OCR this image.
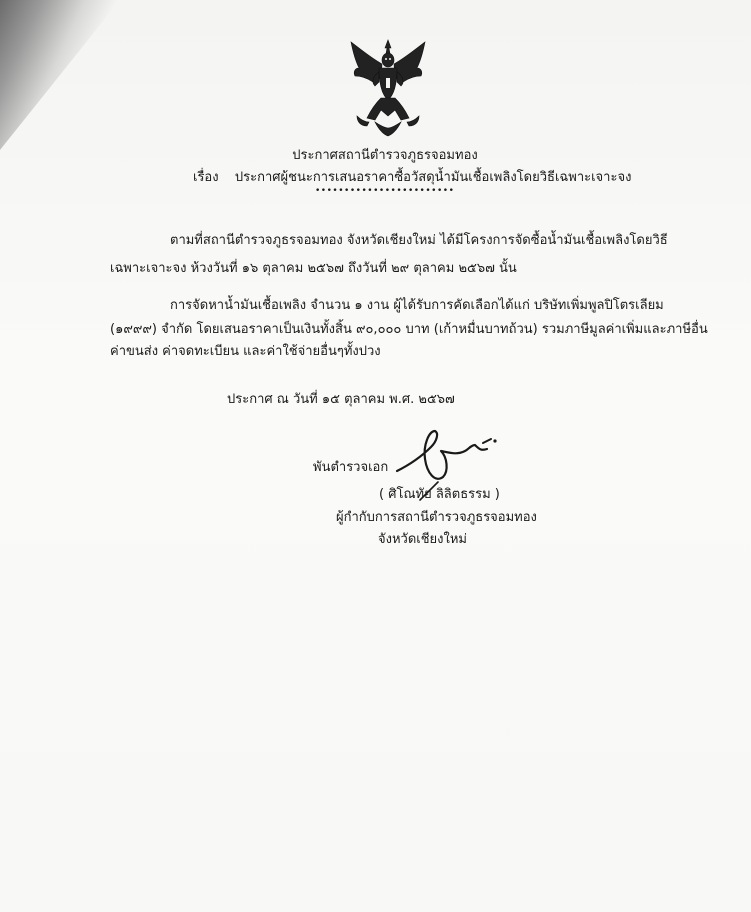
ประกาศสถานีตำรวจภูธรจอมทอง
เรื่อง ประกาศผู้ชนะการเสนอราคาซื้อวัสดุน้ำมันเชื้อเพลิงโดยวิธีเฉพาะเจาะจง
••••••••••••••••••••••••
ตามที่สถานีตำรวจภูธรจอมทอง จังหวัดเชียงใหม่ ได้มีโครงการจัดซื้อน้ำมันเชื้อเพลิงโดยวิธี
เฉพาะเจาะจง ห้วงวันที่ ๑๖ ตุลาคม ๒๕๖๗ ถึงวันที่ ๒๙ ตุลาคม ๒๕๖๗ นั้น
การจัดหาน้ำมันเชื้อเพลิง จำนวน ๑ งาน ผู้ได้รับการคัดเลือกได้แก่ บริษัทเพิ่มพูลปิโตรเลียม
(๑๙๙๙) จำกัด โดยเสนอราคาเป็นเงินทั้งสิ้น ๙๐,๐๐๐ บาท (เก้าหมื่นบาทถ้วน) รวมภาษีมูลค่าเพิ่มและภาษีอื่น
ค่าขนส่ง ค่าจดทะเบียน และค่าใช้จ่ายอื่นๆทั้งปวง
ประกาศ ณ วันที่ ๑๕ ตุลาคม พ.ศ. ๒๕๖๗
พันตำรวจเอก
( ศิโณทัย ลิลิตธรรม )
ผู้กำกับการสถานีตำรวจภูธรจอมทอง
จังหวัดเชียงใหม่
